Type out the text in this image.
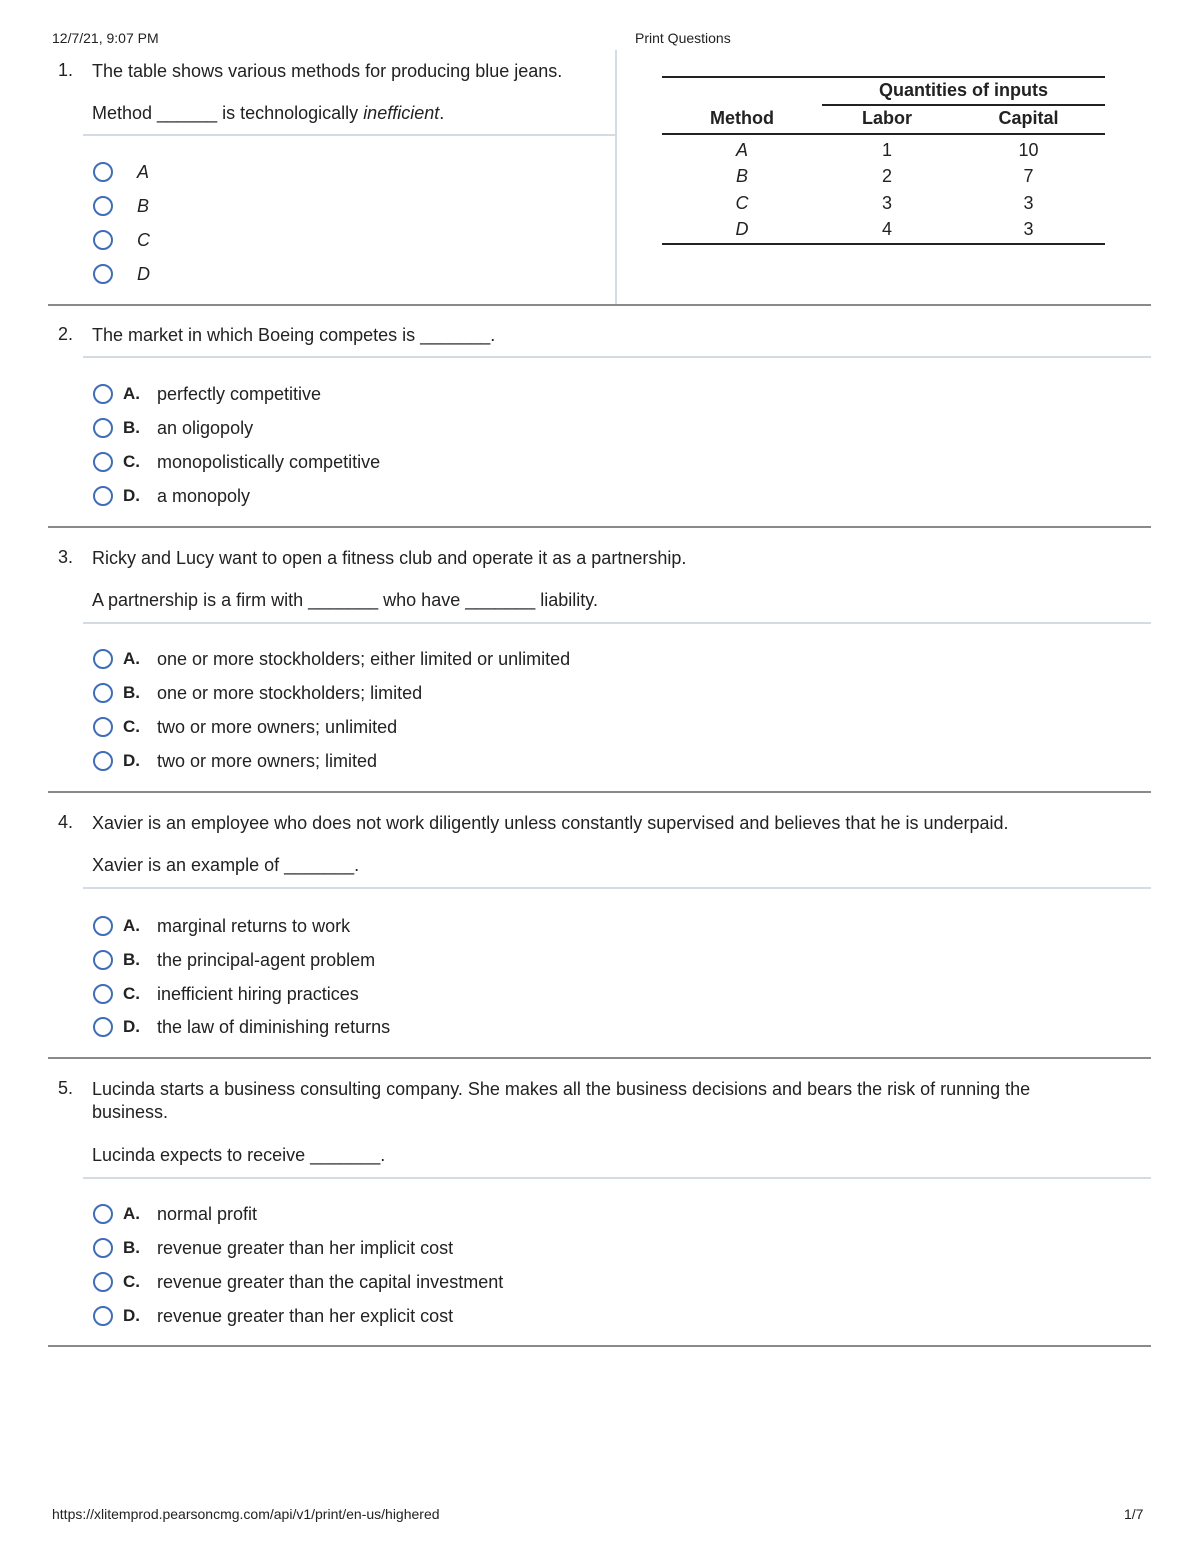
12/7/21, 9:07 PM	Print Questions
1. The table shows various methods for producing blue jeans.
Method ______ is technologically inefficient.
A
B
C
D
Quantities of inputs
Method	Labor	Capital
A	1	10
B	2	7
C	3	3
D	4	3
2. The market in which Boeing competes is _______.
A. perfectly competitive
B. an oligopoly
C. monopolistically competitive
D. a monopoly
3. Ricky and Lucy want to open a fitness club and operate it as a partnership.
A partnership is a firm with _______ who have _______ liability.
A. one or more stockholders; either limited or unlimited
B. one or more stockholders; limited
C. two or more owners; unlimited
D. two or more owners; limited
4. Xavier is an employee who does not work diligently unless constantly supervised and believes that he is underpaid.
Xavier is an example of _______.
A. marginal returns to work
B. the principal-agent problem
C. inefficient hiring practices
D. the law of diminishing returns
5. Lucinda starts a business consulting company. She makes all the business decisions and bears the risk of running the business.
Lucinda expects to receive _______.
A. normal profit
B. revenue greater than her implicit cost
C. revenue greater than the capital investment
D. revenue greater than her explicit cost
https://xlitemprod.pearsoncmg.com/api/v1/print/en-us/highered	1/7
